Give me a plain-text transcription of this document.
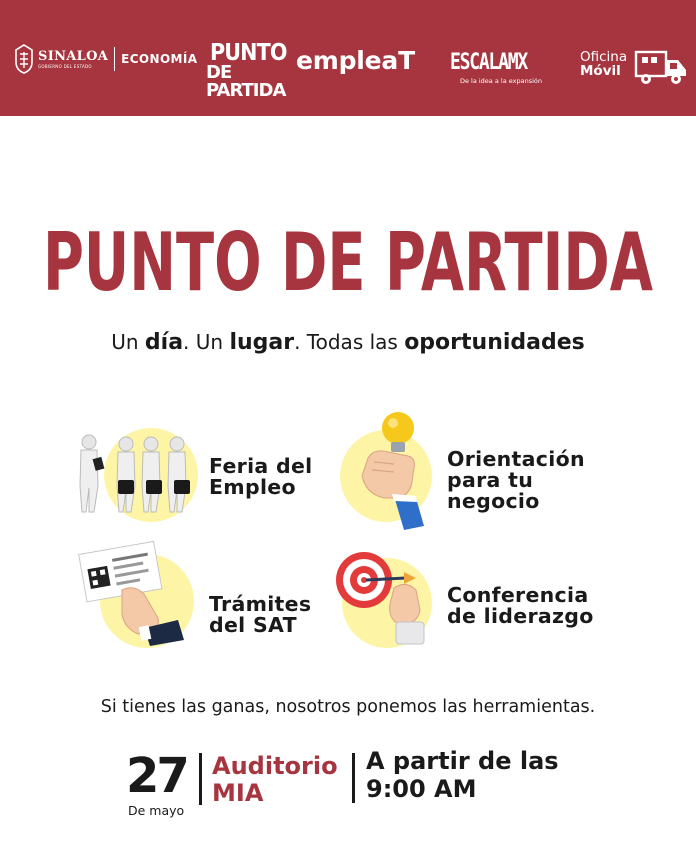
SINALOA
GOBIERNO DEL ESTADO	ECONOMÍA PUNTO
DE PARTIDA
empleaT ESCALAMX
De la idea a la expansión
Oficina
Móvil
PUNTO DE PARTIDA
Un día. Un lugar. Todas las oportunidades
Feria del
Empleo
Orientación
para tu
negocio
Trámites
del SAT
Conferencia
de liderazgo
Si tienes las ganas, nosotros ponemos las herramientas.
27
De mayo
Auditorio
MIA
A partir de las
9:00 AM
